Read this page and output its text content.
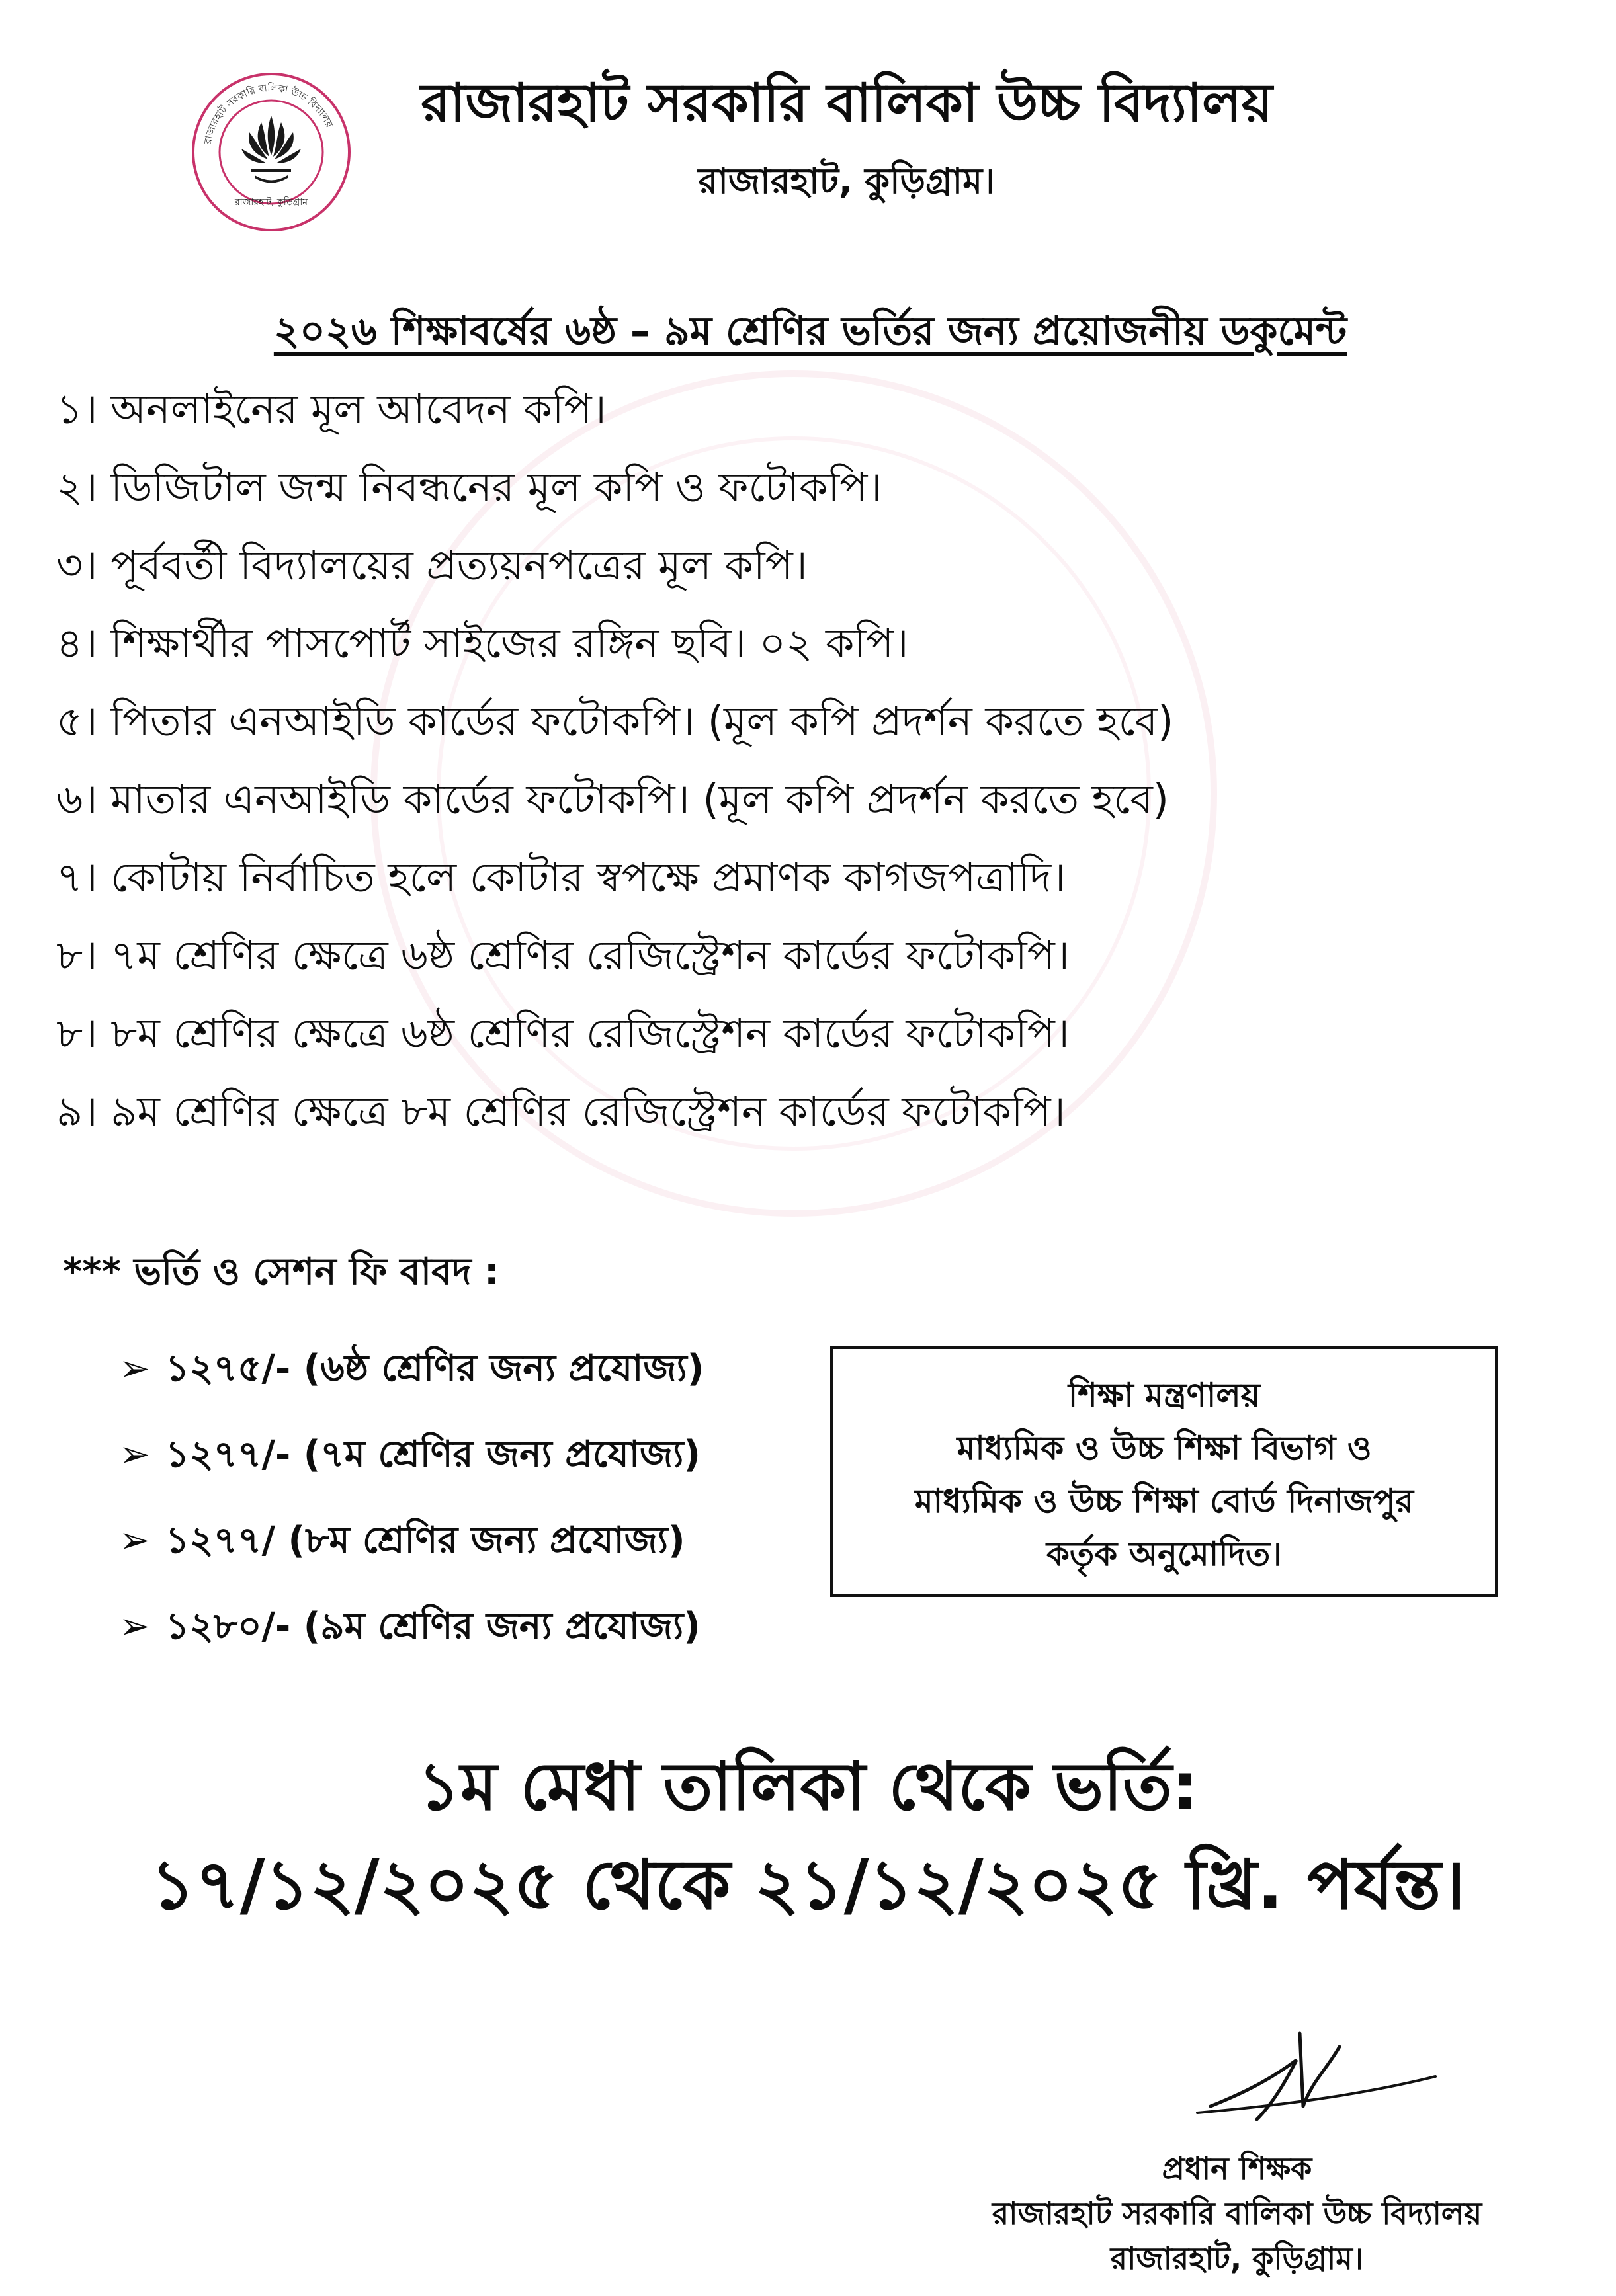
রাজারহাট সরকারি বালিকা উচ্চ বিদ্যালয়
রাজারহাট, কুড়িগ্রাম
রাজারহাট সরকারি বালিকা উচ্চ বিদ্যালয়
রাজারহাট, কুড়িগ্রাম।
২০২৬ শিক্ষাবর্ষের ৬ষ্ঠ – ৯ম শ্রেণির ভর্তির জন্য প্রয়োজনীয় ডকুমেন্ট
১। অনলাইনের মূল আবেদন কপি।
২। ডিজিটাল জন্ম নিবন্ধনের মূল কপি ও ফটোকপি।
৩। পূর্ববর্তী বিদ্যালয়ের প্রত্যয়নপত্রের মূল কপি।
৪। শিক্ষার্থীর পাসপোর্ট সাইজের রঙ্গিন ছবি। ০২ কপি।
৫। পিতার এনআইডি কার্ডের ফটোকপি। (মূল কপি প্রদর্শন করতে হবে)
৬। মাতার এনআইডি কার্ডের ফটোকপি। (মূল কপি প্রদর্শন করতে হবে)
৭। কোটায় নির্বাচিত হলে কোটার স্বপক্ষে প্রমাণক কাগজপত্রাদি।
৮। ৭ম শ্রেণির ক্ষেত্রে ৬ষ্ঠ শ্রেণির রেজিস্ট্রেশন কার্ডের ফটোকপি।
৮। ৮ম শ্রেণির ক্ষেত্রে ৬ষ্ঠ শ্রেণির রেজিস্ট্রেশন কার্ডের ফটোকপি।
৯। ৯ম শ্রেণির ক্ষেত্রে ৮ম শ্রেণির রেজিস্ট্রেশন কার্ডের ফটোকপি।
*** ভর্তি ও সেশন ফি বাবদ :
➢ ১২৭৫/- (৬ষ্ঠ শ্রেণির জন্য প্রযোজ্য)
➢ ১২৭৭/- (৭ম শ্রেণির জন্য প্রযোজ্য)
➢ ১২৭৭/ (৮ম শ্রেণির জন্য প্রযোজ্য)
➢ ১২৮০/- (৯ম শ্রেণির জন্য প্রযোজ্য)
শিক্ষা মন্ত্রণালয়
মাধ্যমিক ও উচ্চ শিক্ষা বিভাগ ও
মাধ্যমিক ও উচ্চ শিক্ষা বোর্ড দিনাজপুর
কর্তৃক অনুমোদিত।
১ম মেধা তালিকা থেকে ভর্তি:
১৭/১২/২০২৫ থেকে ২১/১২/২০২৫ খ্রি. পর্যন্ত।
প্রধান শিক্ষক
রাজারহাট সরকারি বালিকা উচ্চ বিদ্যালয়
রাজারহাট, কুড়িগ্রাম।
